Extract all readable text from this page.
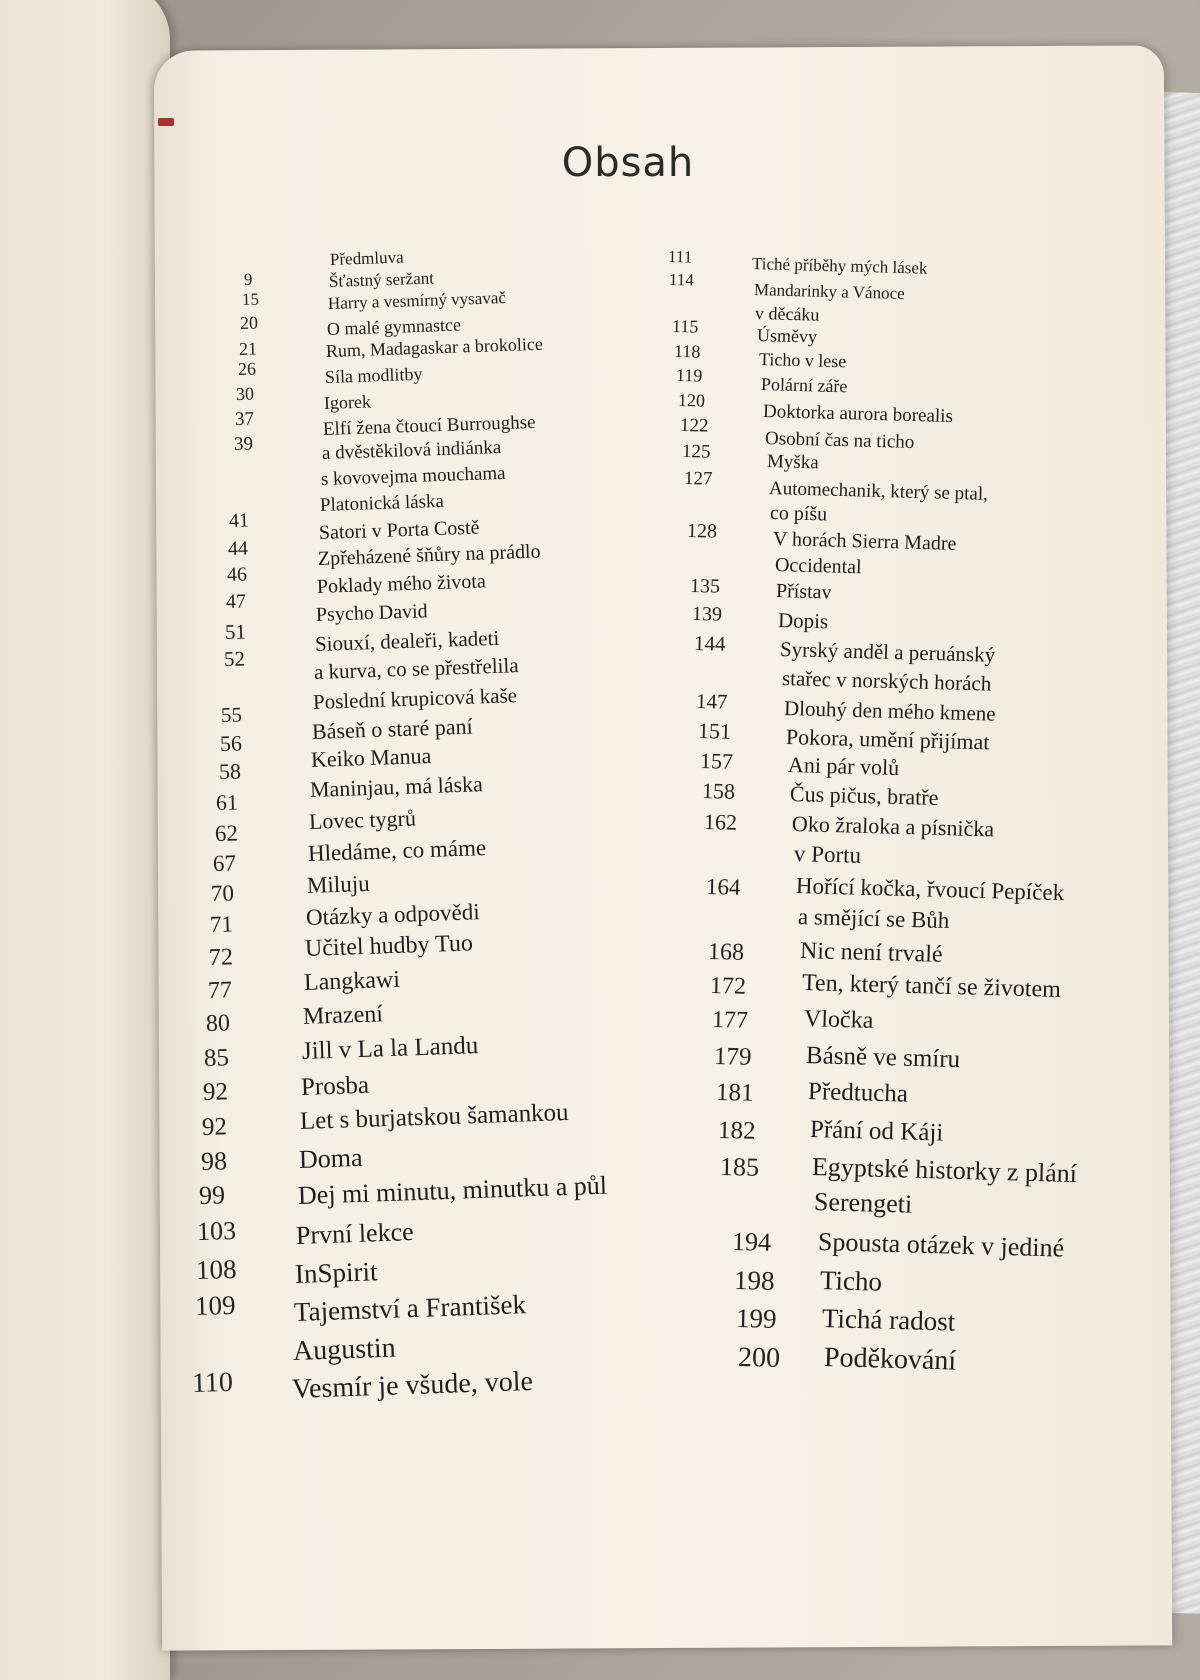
Obsah
9
15
20
21
26
30
37
39
41
44
46
47
51
52
55
56
58
61
62
67
70
71
72
77
80
85
92
92
98
99
103
108
109
110
Předmluva
Šťastný seržant
Harry a vesmírný vysavač
O malé gymnastce
Rum, Madagaskar a brokolice
Síla modlitby
Igorek
Elfí žena čtoucí Burroughse
a dvěstěkilová indiánka
s kovovejma mouchama
Platonická láska
Satori v Porta Costě
Zpřeházené šňůry na prádlo
Poklady mého života
Psycho David
Siouxí, dealeři, kadeti
a kurva, co se přestřelila
Poslední krupicová kaše
Báseň o staré paní
Keiko Manua
Maninjau, má láska
Lovec tygrů
Hledáme, co máme
Miluju
Otázky a odpovědi
Učitel hudby Tuo
Langkawi
Mrazení
Jill v La la Landu
Prosba
Let s burjatskou šamankou
Doma
Dej mi minutu, minutku a půl
První lekce
InSpirit
Tajemství a František
Augustin
Vesmír je všude, vole
111
114
115
118
119
120
122
125
127
128
135
139
144
147
151
157
158
162
164
168
172
177
179
181
182
185
194
198
199
200
Tiché příběhy mých lásek
Mandarinky a Vánoce
v děcáku
Úsměvy
Ticho v lese
Polární záře
Doktorka aurora borealis
Osobní čas na ticho
Myška
Automechanik, který se ptal,
co píšu
V horách Sierra Madre
Occidental
Přístav
Dopis
Syrský anděl a peruánský
stařec v norských horách
Dlouhý den mého kmene
Pokora, umění přijímat
Ani pár volů
Čus pičus, bratře
Oko žraloka a písnička
v Portu
Hořící kočka, řvoucí Pepíček
a smějící se Bůh
Nic není trvalé
Ten, který tančí se životem
Vločka
Básně ve smíru
Předtucha
Přání od Káji
Egyptské historky z plání
Serengeti
Spousta otázek v jediné
Ticho
Tichá radost
Poděkování
